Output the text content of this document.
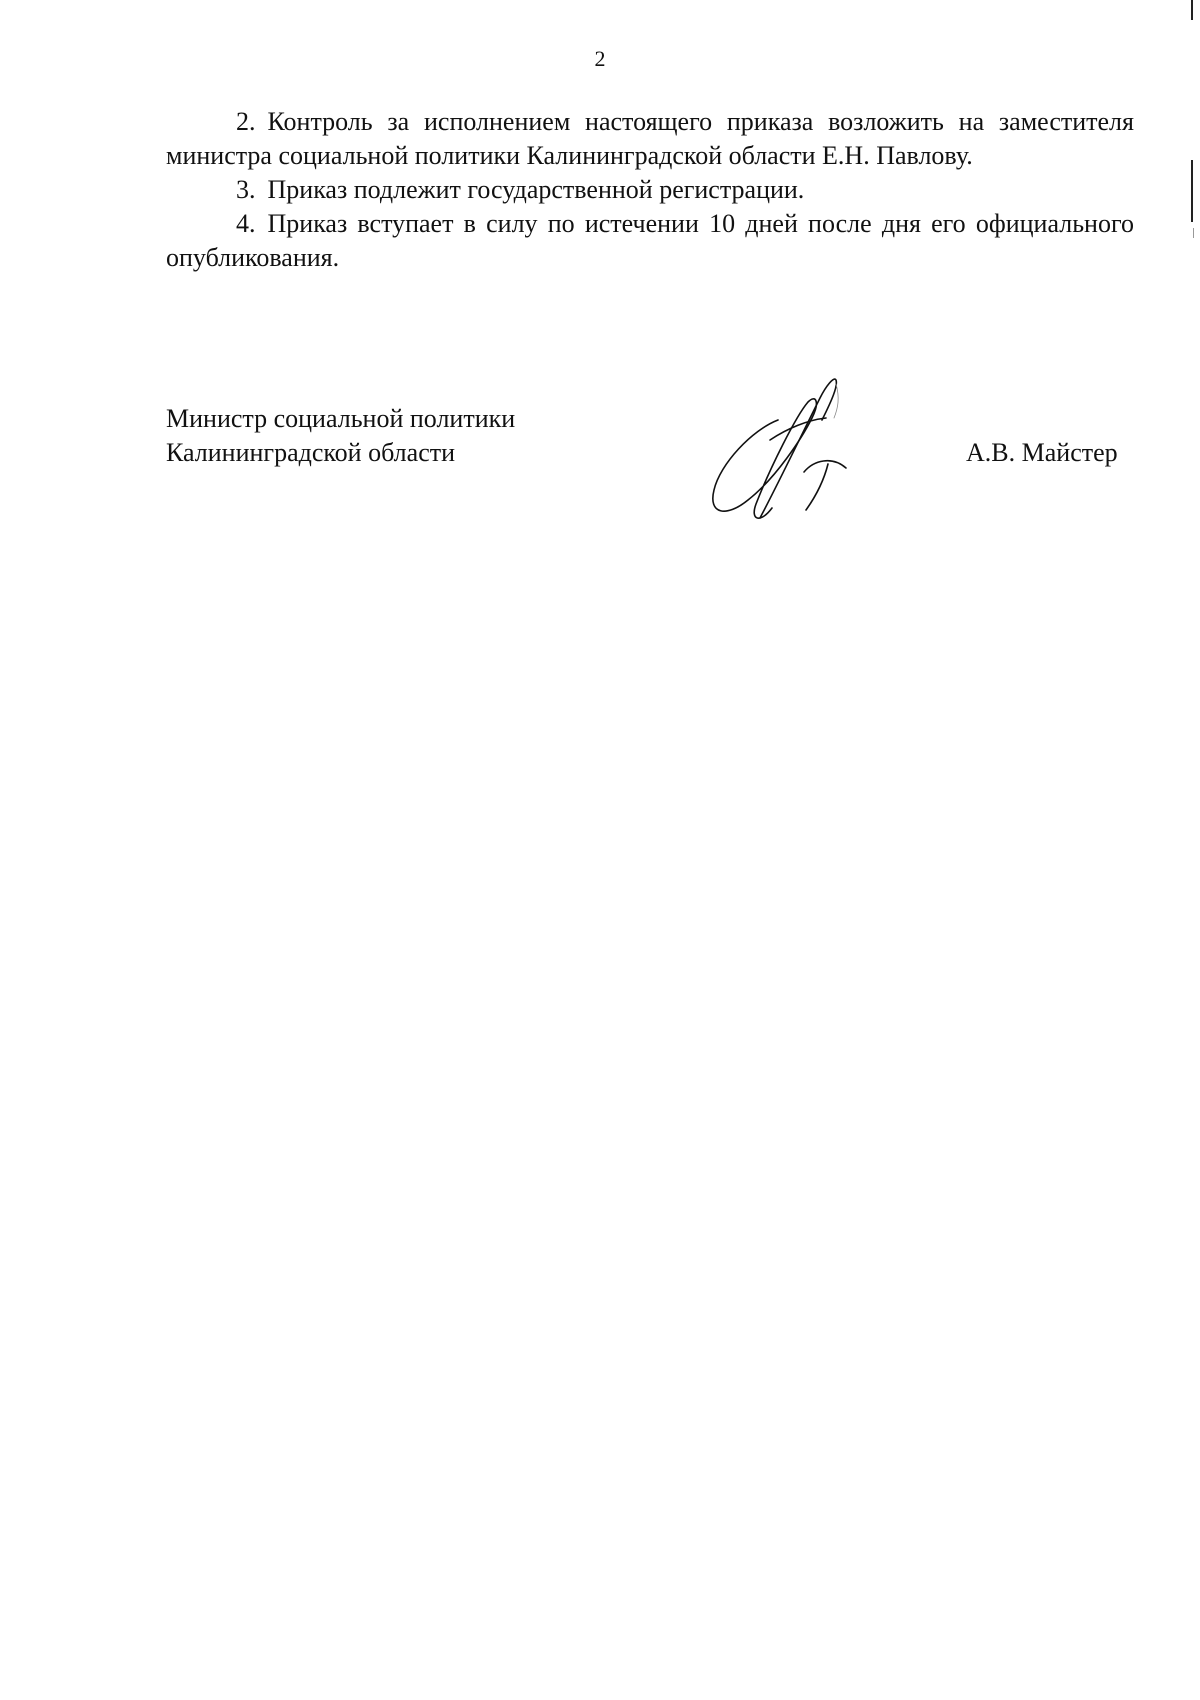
2

2. Контроль за исполнением настоящего приказа возложить на заместителя министра социальной политики Калининградской области Е.Н. Павлову.

3. Приказ подлежит государственной регистрации.

4. Приказ вступает в силу по истечении 10 дней после дня его официального опубликования.

Министр социальной политики
Калининградской области	А.В. Майстер
